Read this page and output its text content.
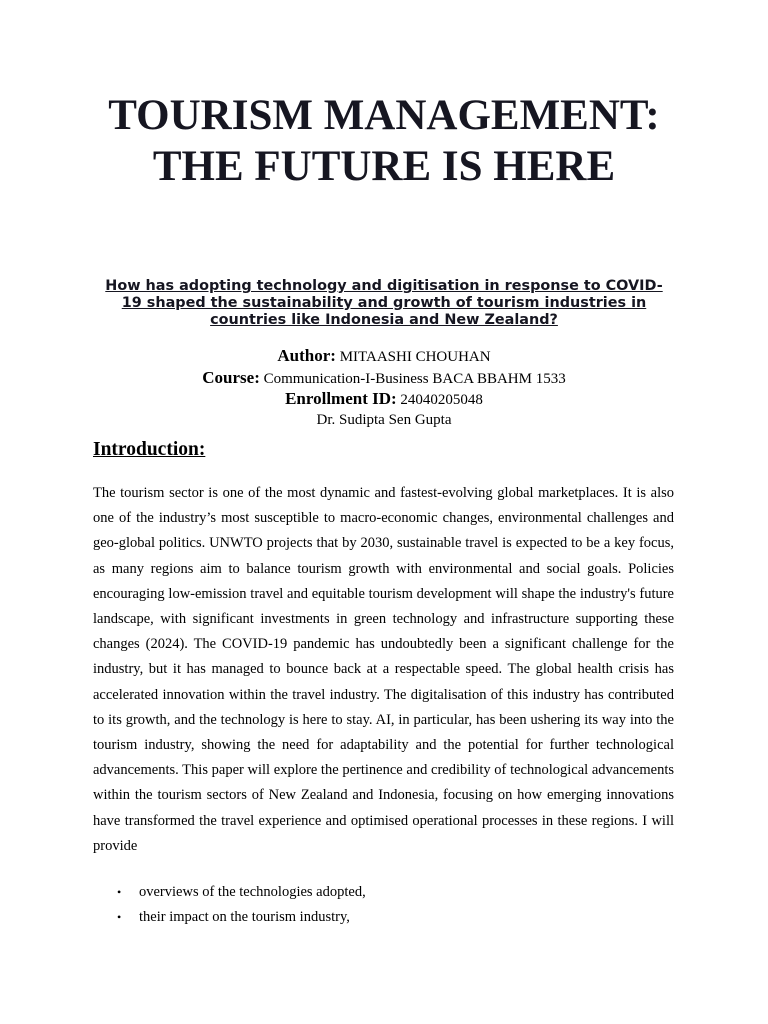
TOURISM MANAGEMENT: THE FUTURE IS HERE

How has adopting technology and digitisation in response to COVID-19 shaped the sustainability and growth of tourism industries in countries like Indonesia and New Zealand?

Author: MITAASHI CHOUHAN
Course: Communication-I-Business BACA BBAHM 1533
Enrollment ID: 24040205048
Dr. Sudipta Sen Gupta
Introduction:

The tourism sector is one of the most dynamic and fastest-evolving global marketplaces. It is also one of the industry’s most susceptible to macro-economic changes, environmental challenges and geo-global politics. UNWTO projects that by 2030, sustainable travel is expected to be a key focus, as many regions aim to balance tourism growth with environmental and social goals. Policies encouraging low-emission travel and equitable tourism development will shape the industry's future landscape, with significant investments in green technology and infrastructure supporting these changes (2024). The COVID-19 pandemic has undoubtedly been a significant challenge for the industry, but it has managed to bounce back at a respectable speed. The global health crisis has accelerated innovation within the travel industry. The digitalisation of this industry has contributed to its growth, and the technology is here to stay. AI, in particular, has been ushering its way into the tourism industry, showing the need for adaptability and the potential for further technological advancements. This paper will explore the pertinence and credibility of technological advancements within the tourism sectors of New Zealand and Indonesia, focusing on how emerging innovations have transformed the travel experience and optimised operational processes in these regions. I will provide

• overviews of the technologies adopted,
• their impact on the tourism industry,
